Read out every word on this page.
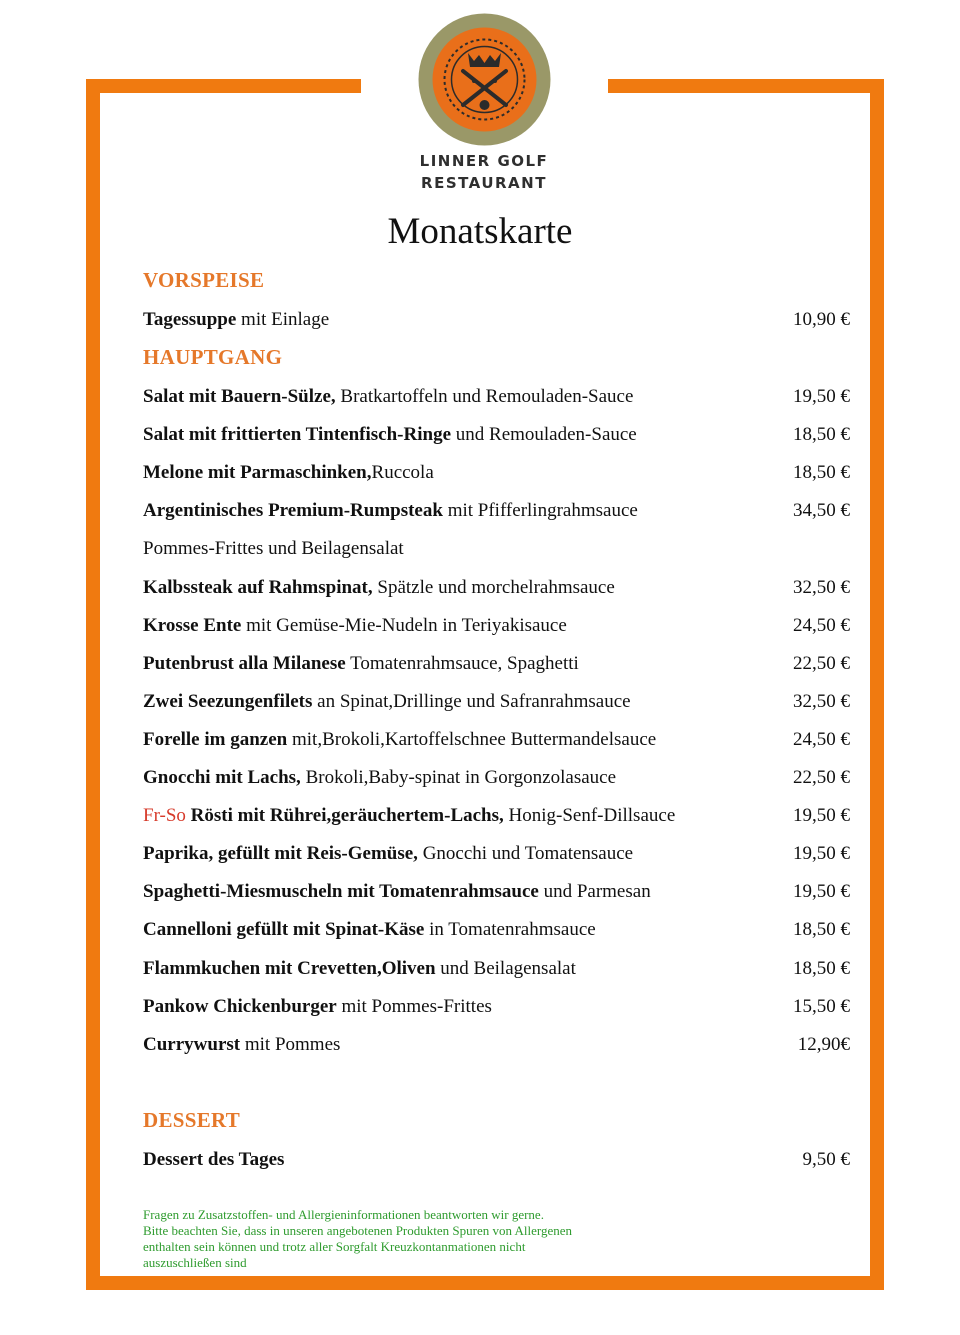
LINNER GOLF
RESTAURANT
Monatskarte
VORSPEISE
Tagessuppe mit Einlage	10,90 €
HAUPTGANG
Salat mit Bauern-Sülze, Bratkartoffeln und Remouladen-Sauce	19,50 €
Salat mit frittierten Tintenfisch-Ringe und Remouladen-Sauce	18,50 €
Melone mit Parmaschinken,Ruccola	18,50 €
Argentinisches Premium-Rumpsteak mit Pfifferlingrahmsauce	34,50 €
Pommes-Frittes und Beilagensalat
Kalbssteak auf Rahmspinat, Spätzle und morchelrahmsauce	32,50 €
Krosse Ente mit Gemüse-Mie-Nudeln in Teriyakisauce	24,50 €
Putenbrust alla Milanese Tomatenrahmsauce, Spaghetti	22,50 €
Zwei Seezungenfilets an Spinat,Drillinge und Safranrahmsauce	32,50 €
Forelle im ganzen mit,Brokoli,Kartoffelschnee Buttermandelsauce	24,50 €
Gnocchi mit Lachs, Brokoli,Baby-spinat in Gorgonzolasauce	22,50 €
Fr-So Rösti mit Rührei,geräuchertem-Lachs, Honig-Senf-Dillsauce	19,50 €
Paprika, gefüllt mit Reis-Gemüse, Gnocchi und Tomatensauce	19,50 €
Spaghetti-Miesmuscheln mit Tomatenrahmsauce und Parmesan	19,50 €
Cannelloni gefüllt mit Spinat-Käse in Tomatenrahmsauce	18,50 €
Flammkuchen mit Crevetten,Oliven und Beilagensalat	18,50 €
Pankow Chickenburger mit Pommes-Frittes	15,50 €
Currywurst mit Pommes	12,90€
DESSERT
Dessert des Tages	9,50 €
Fragen zu Zusatzstoffen- und Allergieninformationen beantworten wir gerne.
Bitte beachten Sie, dass in unseren angebotenen Produkten Spuren von Allergenen
enthalten sein können und trotz aller Sorgfalt Kreuzkontanmationen nicht
auszuschließen sind
